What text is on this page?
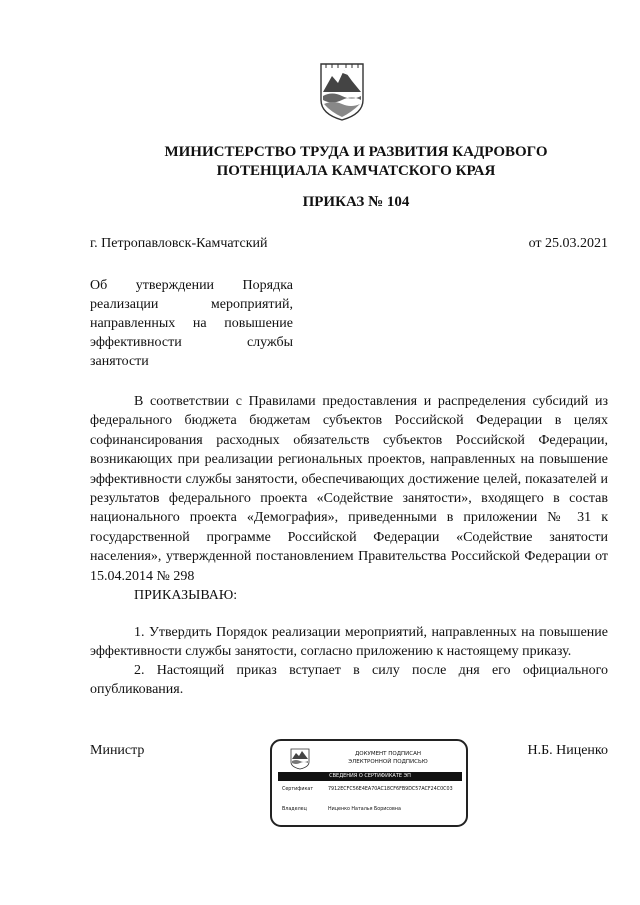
МИНИСТЕРСТВО ТРУДА И РАЗВИТИЯ КАДРОВОГО
ПОТЕНЦИАЛА КАМЧАТСКОГО КРАЯ
ПРИКАЗ № 104
г. Петропавловск-Камчатский	от 25.03.2021
Об утверждении Порядка реализации мероприятий, направленных на повышение эффективности службы
занятости

В соответствии с Правилами предоставления и распределения субсидий из федерального бюджета бюджетам субъектов Российской Федерации в целях софинансирования расходных обязательств субъектов Российской Федерации, возникающих при реализации региональных проектов, направленных на повышение эффективности службы занятости, обеспечивающих достижение целей, показателей и результатов федерального проекта «Содействие занятости», входящего в состав национального проекта «Демография», приведенными в приложении № 31 к государственной программе Российской Федерации «Содействие занятости населения», утвержденной постановлением Правительства Российской Федерации от 15.04.2014 № 298

ПРИКАЗЫВАЮ:

1. Утвердить Порядок реализации мероприятий, направленных на повышение эффективности службы занятости, согласно приложению к настоящему приказу.

2. Настоящий приказ вступает в силу после дня его официального опубликования.

Министр	Н.Б. Ниценко
ДОКУМЕНТ ПОДПИСАН
ЭЛЕКТРОННОЙ ПОДПИСЬЮ
СВЕДЕНИЯ О СЕРТИФИКАТЕ ЭП
Сертификат	7912ECFC56E4EA70AC18CF6FB9DC57ACF24C0C03
Владелец	Ниценко Наталья Борисовна
